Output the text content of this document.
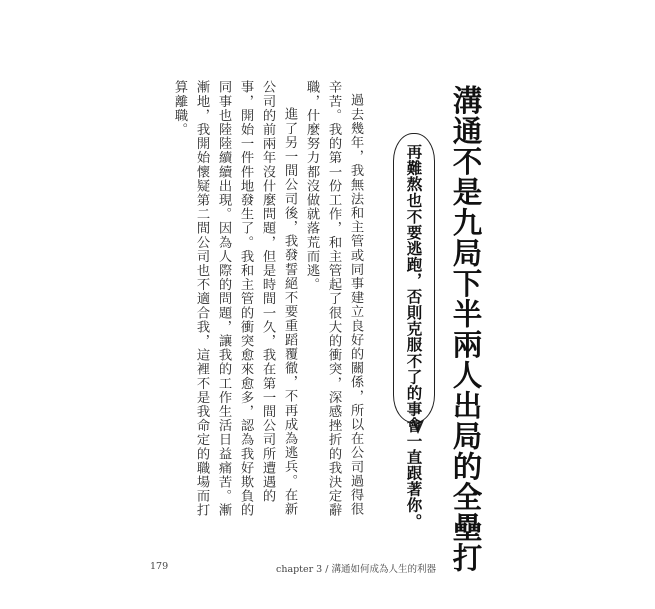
溝通不是九局下半兩人出局的全壘打
再難熬也不要逃跑，否則克服不了的事會一直跟著你。

過去幾年，我無法和主管或同事建立良好的關係，所以在公司過得很辛苦。我的第一份工作，和主管起了很大的衝突，深感挫折的我決定辭職，什麼努力都沒做就落荒而逃。

進了另一間公司後，我發誓絕不要重蹈覆徹，不再成為逃兵。在新公司的前兩年沒什麼問題，但是時間一久，我在第一間公司所遭遇的事，開始一件件地發生了。我和主管的衝突愈來愈多，認為我好欺負的同事也陸陸續續出現。因為人際的問題，讓我的工作生活日益痛苦。漸漸地，我開始懷疑第二間公司也不適合我，這裡不是我命定的職場而打算離職。

179	chapter 3 / 溝通如何成為人生的利器
